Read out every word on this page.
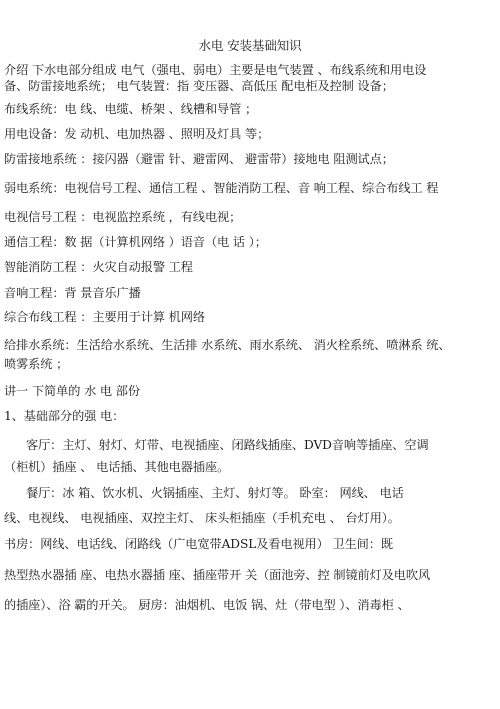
水电 安装基础知识
介绍 下水电部分组成 电气（强电、弱电）主要是电气装置 、布线系统和用电设
备、防雷接地系统； 电气装置：指 变压器、高低压 配电柜及控制 设备；
布线系统：电 线、电缆、桥架 、线槽和导管 ；
用电设备：发 动机、电加热器 、照明及灯具 等；
防雷接地系统 ：接闪器（避雷 针、避雷网、 避雷带）接地电 阻测试点；
弱电系统：电视信号工程、通信工程 、智能消防工程、音 响工程、综合布线工 程
电视信号工程 ：电视监控系统 ，有线电视；
通信工程：数 据（计算机网络 ）语音（电 话 ）；
智能消防工程 ：火灾自动报警 工程
音响工程：背 景音乐广播
综合布线工程 ：主要用于计算 机网络
给排水系统：生活给水系统、生活排 水系统、雨水系统、 消火栓系统、喷淋系 统、
喷雾系统 ；
讲一 下简单的 水 电 部份
1、基础部分的强 电：
客厅：主灯、射灯、灯带、电视插座、闭路线插座、DVD音响等插座、空调
（柜机）插座 、 电话插、其他电器插座。
餐厅：冰 箱、饮水机、火锅插座、主灯、射灯等。 卧室： 网线、 电话
线、电视线、 电视插座、双控主灯、 床头柜插座（手机充电 、 台灯用）。
书房：网线、电话线、闭路线（广电宽带ADSL及看电视用） 卫生间：既
热型热水器插 座、电热水器插 座、插座带开 关（面池旁、控 制镜前灯及电吹风
的插座）、浴 霸的开关。 厨房：油烟机、电饭 锅、灶（带电型 ）、消毒柜 、
